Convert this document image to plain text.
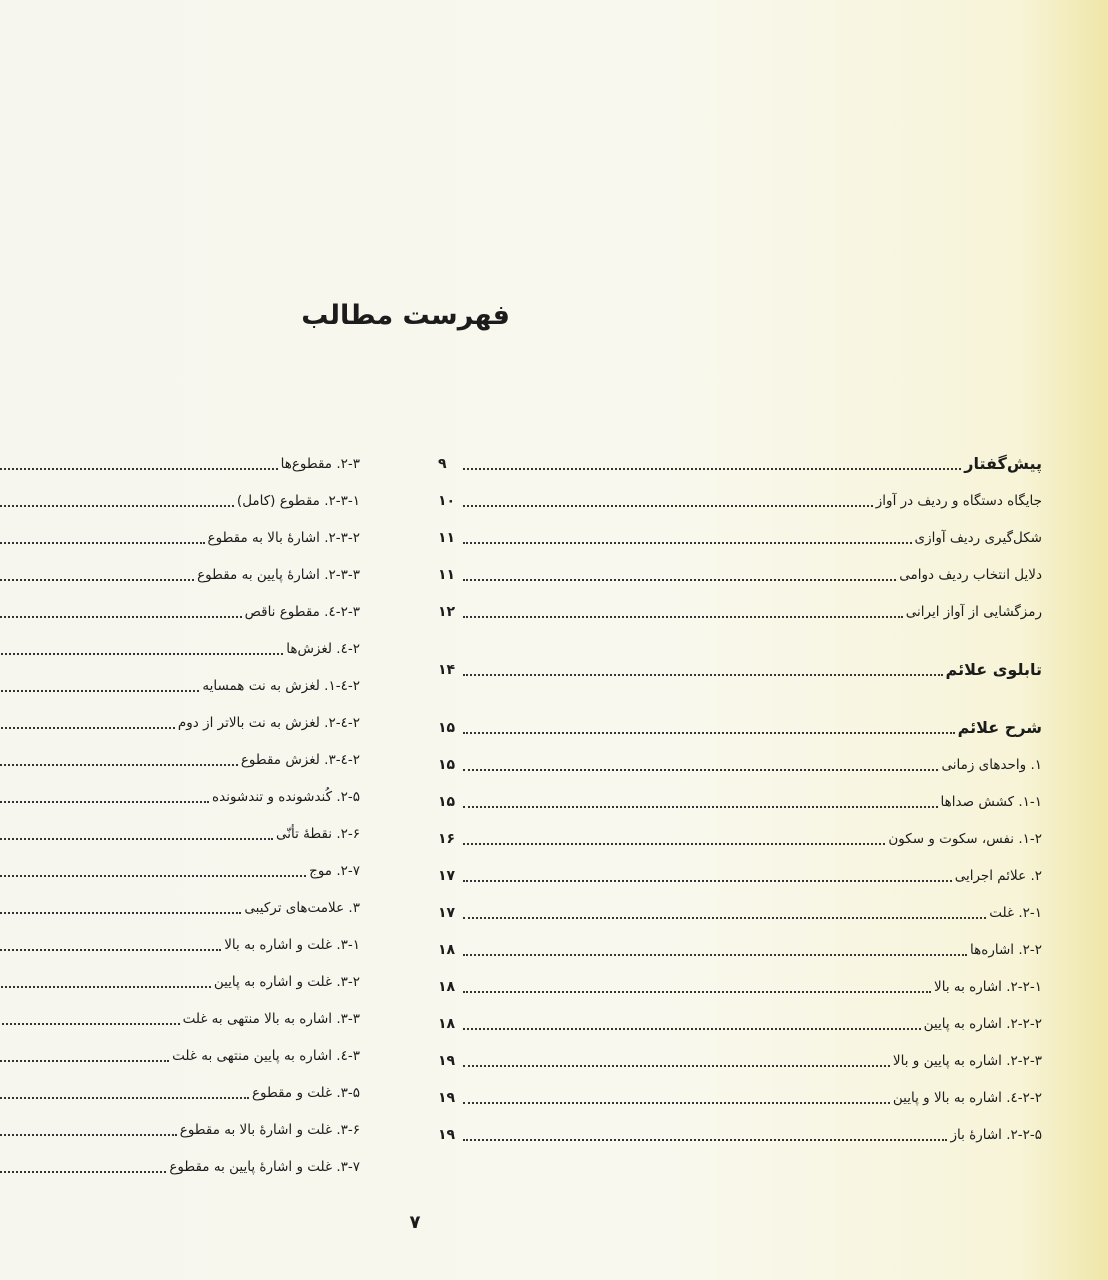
فهرست مطالب
پیش‌گفتار
۹
جایگاه دستگاه و ردیف در آواز
۱۰
شکل‌گیری ردیف آوازی
۱۱
دلایل انتخاب ردیف دوامی
۱۱
رمزگشایی از آواز ایرانی
۱۲
تابلوی علائم
۱۴
شرح علائم
۱۵
۱. واحدهای زمانی
۱۵
۱-۱. کشش صداها
۱۵
۱-۲. نفس، سکوت و سکون
۱۶
۲. علائم اجرایی
۱۷
۲-۱. غلت
۱۷
۲-۲. اشاره‌ها
۱۸
۲-۲-۱. اشاره به بالا
۱۸
۲-۲-۲. اشاره به پایین
۱۸
۲-۲-۳. اشاره به پایین و بالا
۱۹
۲-۲-٤. اشاره به بالا و پایین
۱۹
۲-۲-۵. اشارهٔ باز
۱۹
۲-۳. مقطوع‌ها
۲-۳-۱. مقطوع (کامل)
۲-۳-۲. اشارهٔ بالا به مقطوع
۲-۳-۳. اشارهٔ پایین به مقطوع
۲-۳-٤. مقطوع ناقص
۲-٤. لغزش‌ها
۲-٤-۱. لغزش به نت همسایه
۲-٤-۲. لغزش به نت بالاتر از دوم
۲-٤-۳. لغزش مقطوع
۲-۵. کُندشونده و تندشونده
۲-۶. نقطهٔ تأنّی
۲-۷. موج
۳. علامت‌های ترکیبی
۳-۱. غلت و اشاره به بالا
۳-۲. غلت و اشاره به پایین
۳-۳. اشاره به بالا منتهی به غلت
۳-٤. اشاره به پایین منتهی به غلت
۳-۵. غلت و مقطوع
۳-۶. غلت و اشارهٔ بالا به مقطوع
۳-۷. غلت و اشارهٔ پایین به مقطوع
۷
